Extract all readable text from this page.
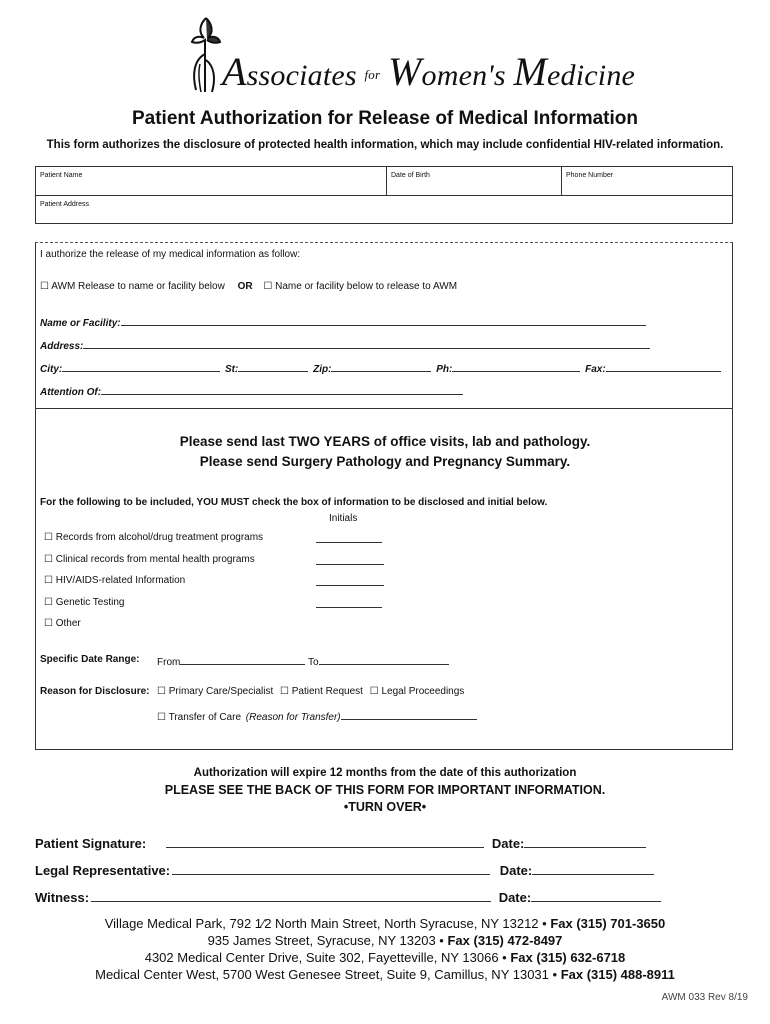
Associates $^{for}$ Women's Medicine
Patient Authorization for Release of Medical Information
This form authorizes the disclosure of protected health information, which may include confidential HIV-related information.
Patient Name	Date of Birth	Phone Number
Patient Address
I authorize the release of my medical information as follow:
☐ AWM Release to name or facility below OR ☐ Name or facility below to release to AWM
Name or Facility:
Address:
City:	St:	Zip:	Ph:	Fax:
Attention Of:
Please send last TWO YEARS of office visits, lab and pathology.
Please send Surgery Pathology and Pregnancy Summary.
For the following to be included, YOU MUST check the box of information to be disclosed and initial below.
Initials
☐ Records from alcohol/drug treatment programs
☐ Clinical records from mental health programs
☐ HIV/AIDS-related Information
☐ Genetic Testing
☐ Other
Specific Date Range: From	To
Reason for Disclosure: ☐ Primary Care/Specialist ☐ Patient Request ☐ Legal Proceedings
☐ Transfer of Care (Reason for Transfer)
Authorization will expire 12 months from the date of this authorization
PLEASE SEE THE BACK OF THIS FORM FOR IMPORTANT INFORMATION.
•TURN OVER•
Patient Signature:	Date:
Legal Representative:	Date:
Witness:	Date:
Village Medical Park, 792 1⁄2 North Main Street, North Syracuse, NY 13212 • Fax (315) 701-3650
935 James Street, Syracuse, NY 13203 • Fax (315) 472-8497
4302 Medical Center Drive, Suite 302, Fayetteville, NY 13066 • Fax (315) 632-6718
Medical Center West, 5700 West Genesee Street, Suite 9, Camillus, NY 13031 • Fax (315) 488-8911
AWM 033 Rev 8/19
